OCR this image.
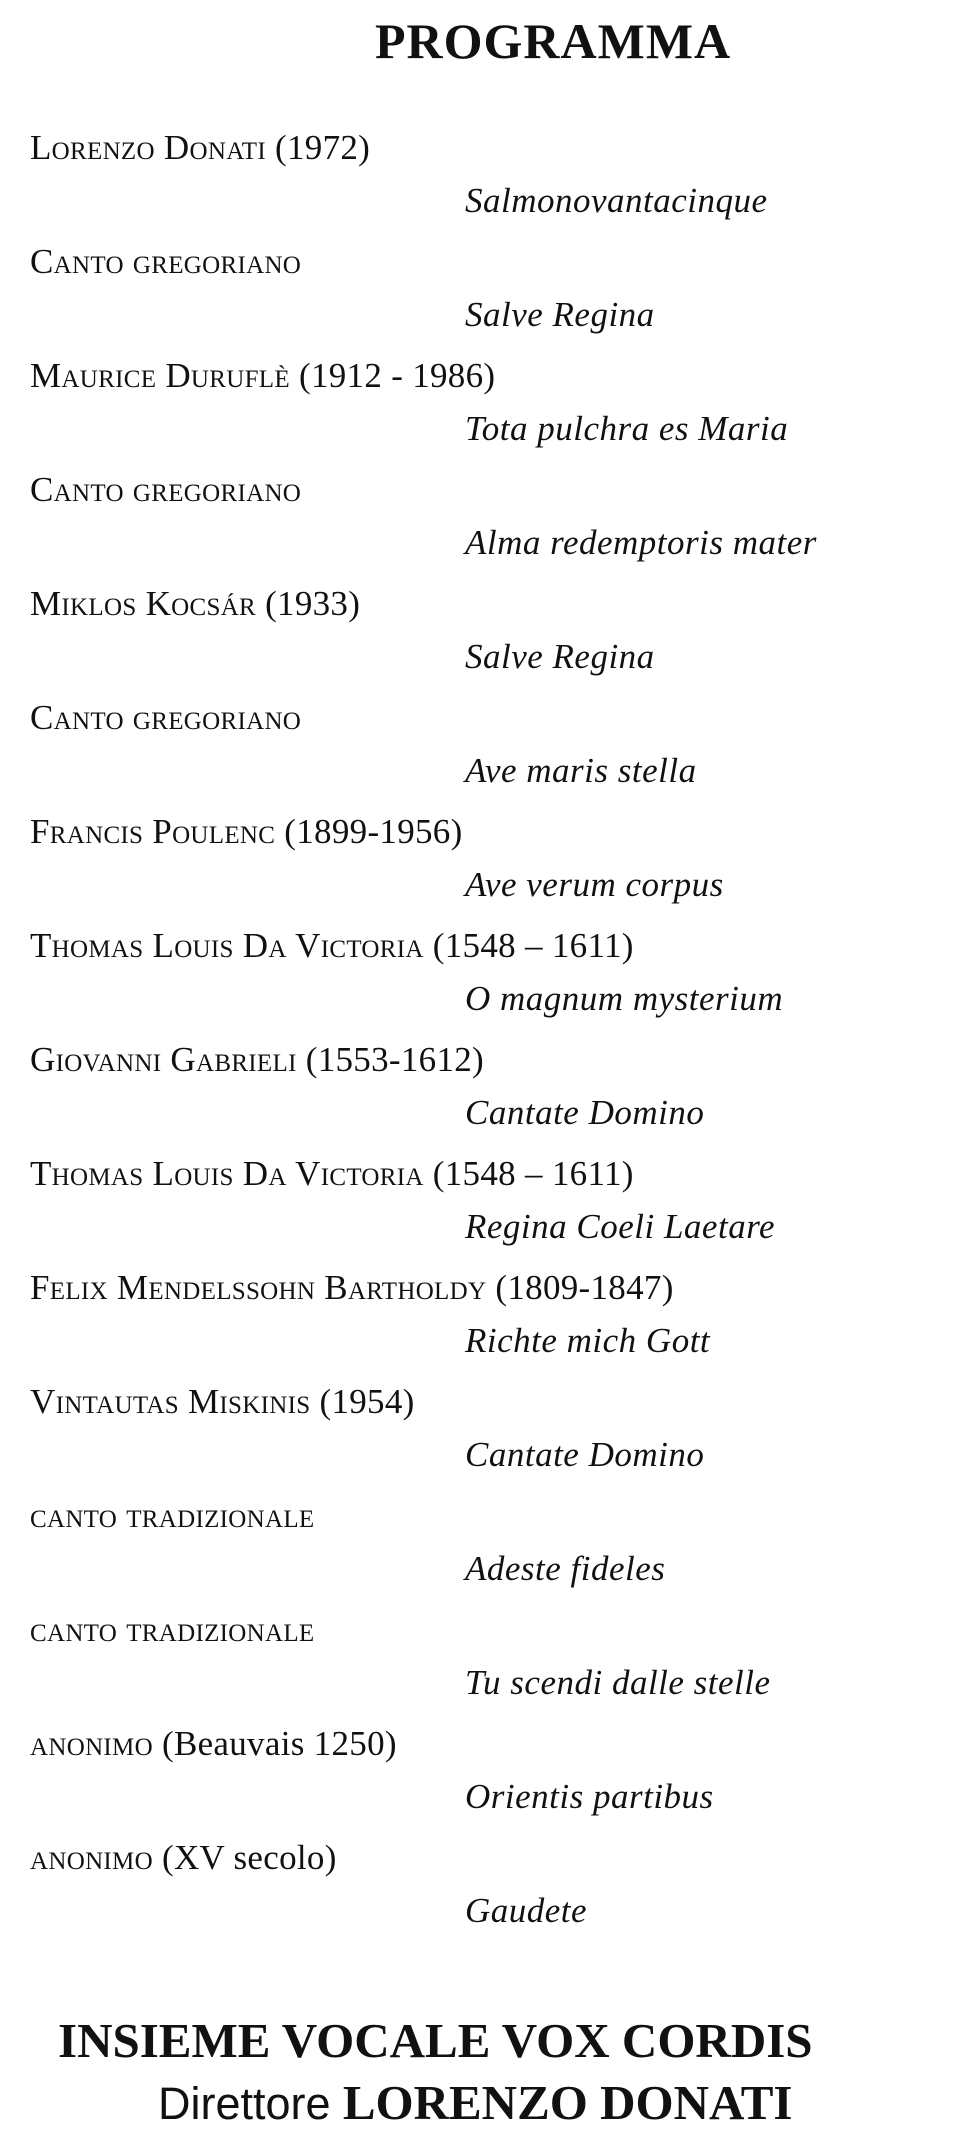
PROGRAMMA
Lorenzo Donati (1972)
Salmonovantacinque
Canto gregoriano
Salve Regina
Maurice Duruflè (1912 - 1986)
Tota pulchra es Maria
Canto gregoriano
Alma redemptoris mater
Miklos Kocsár (1933)
Salve Regina
Canto gregoriano
Ave maris stella
Francis Poulenc (1899-1956)
Ave verum corpus
Thomas Louis Da Victoria (1548 – 1611)
O magnum mysterium
Giovanni Gabrieli (1553-1612)
Cantate Domino
Thomas Louis Da Victoria (1548 – 1611)
Regina Coeli Laetare
Felix Mendelssohn Bartholdy (1809-1847)
Richte mich Gott
Vintautas Miskinis (1954)
Cantate Domino
canto tradizionale
Adeste fideles
canto tradizionale
Tu scendi dalle stelle
anonimo (Beauvais 1250)
Orientis partibus
anonimo (XV secolo)
Gaudete
INSIEME VOCALE VOX CORDIS
Direttore LORENZO DONATI
